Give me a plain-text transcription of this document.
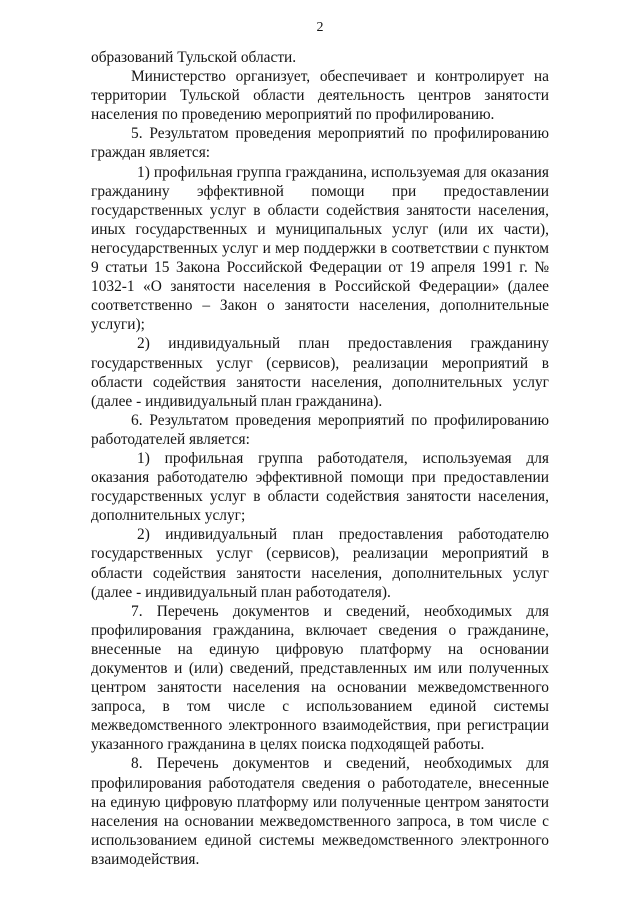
2

образований Тульской области.

Министерство организует, обеспечивает и контролирует на территории Тульской области деятельность центров занятости населения по проведению мероприятий по профилированию.

5. Результатом проведения мероприятий по профилированию граждан является:

1) профильная группа гражданина, используемая для оказания гражданину эффективной помощи при предоставлении государственных услуг в области содействия занятости населения, иных государственных и муниципальных услуг (или их части), негосударственных услуг и мер поддержки в соответствии с пунктом 9 статьи 15 Закона Российской Федерации от 19 апреля 1991 г. № 1032-1 «О занятости населения в Российской Федерации» (далее соответственно – Закон о занятости населения, дополнительные услуги);

2) индивидуальный план предоставления гражданину государственных услуг (сервисов), реализации мероприятий в области содействия занятости населения, дополнительных услуг (далее - индивидуальный план гражданина).

6. Результатом проведения мероприятий по профилированию работодателей является:

1) профильная группа работодателя, используемая для оказания работодателю эффективной помощи при предоставлении государственных услуг в области содействия занятости населения, дополнительных услуг;

2) индивидуальный план предоставления работодателю государственных услуг (сервисов), реализации мероприятий в области содействия занятости населения, дополнительных услуг (далее - индивидуальный план работодателя).

7. Перечень документов и сведений, необходимых для профилирования гражданина, включает сведения о гражданине, внесенные на единую цифровую платформу на основании документов и (или) сведений, представленных им или полученных центром занятости населения на основании межведомственного запроса, в том числе с использованием единой системы межведомственного электронного взаимодействия, при регистрации указанного гражданина в целях поиска подходящей работы.

8. Перечень документов и сведений, необходимых для профилирования работодателя сведения о работодателе, внесенные на единую цифровую платформу или полученные центром занятости населения на основании межведомственного запроса, в том числе с использованием единой системы межведомственного электронного взаимодействия.
